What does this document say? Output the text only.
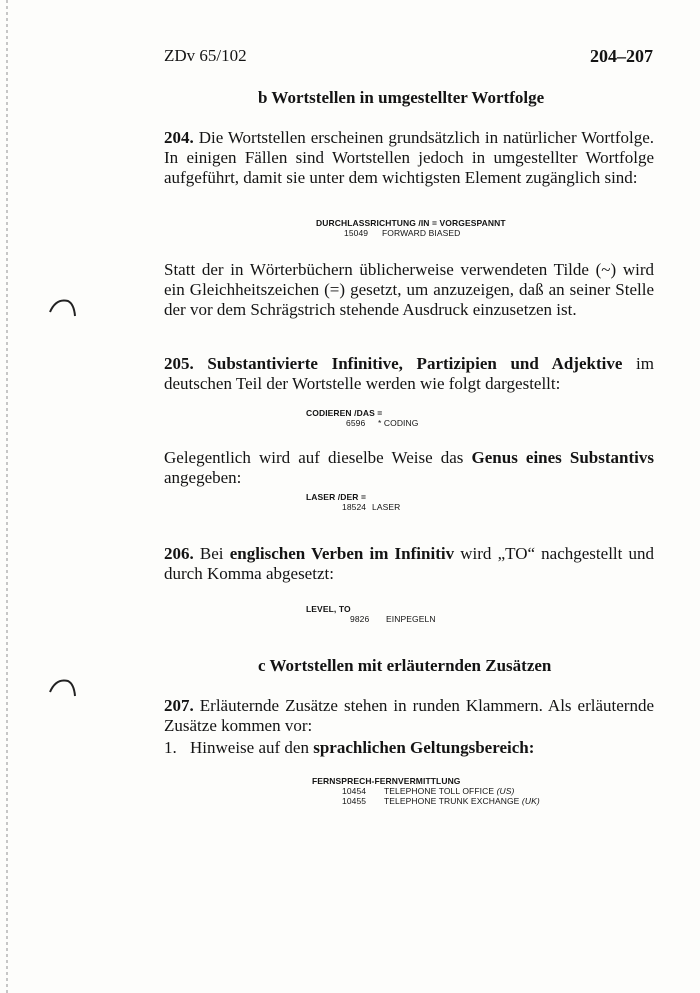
ZDv 65/102	204–207
b Wortstellen in umgestellter Wortfolge

204. Die Wortstellen erscheinen grundsätzlich in natürlicher Wortfolge. In einigen Fällen sind Wortstellen jedoch in umgestellter Wortfolge aufgeführt, damit sie unter dem wichtigsten Element zugänglich sind:

DURCHLASSRICHTUNG /IN = VORGESPANNT
15049	FORWARD BIASED

Statt der in Wörterbüchern üblicherweise verwendeten Tilde (~) wird ein Gleichheitszeichen (=) gesetzt, um anzuzeigen, daß an seiner Stelle der vor dem Schrägstrich stehende Ausdruck einzusetzen ist.

205. Substantivierte Infinitive, Partizipien und Adjektive im deutschen Teil der Wortstelle werden wie folgt dargestellt:

CODIEREN /DAS =
6596	* CODING

Gelegentlich wird auf dieselbe Weise das Genus eines Substantivs angegeben:

LASER /DER =
18524 LASER

206. Bei englischen Verben im Infinitiv wird „TO“ nachgestellt und durch Komma abgesetzt:

LEVEL, TO
9826	EINPEGELN
c Wortstellen mit erläuternden Zusätzen

207. Erläuternde Zusätze stehen in runden Klammern. Als erläuternde Zusätze kommen vor:

1. Hinweise auf den sprachlichen Geltungsbereich:
FERNSPRECH-FERNVERMITTLUNG
10454	TELEPHONE TOLL OFFICE
(US)
10455	TELEPHONE TRUNK EXCHANGE
(UK)
